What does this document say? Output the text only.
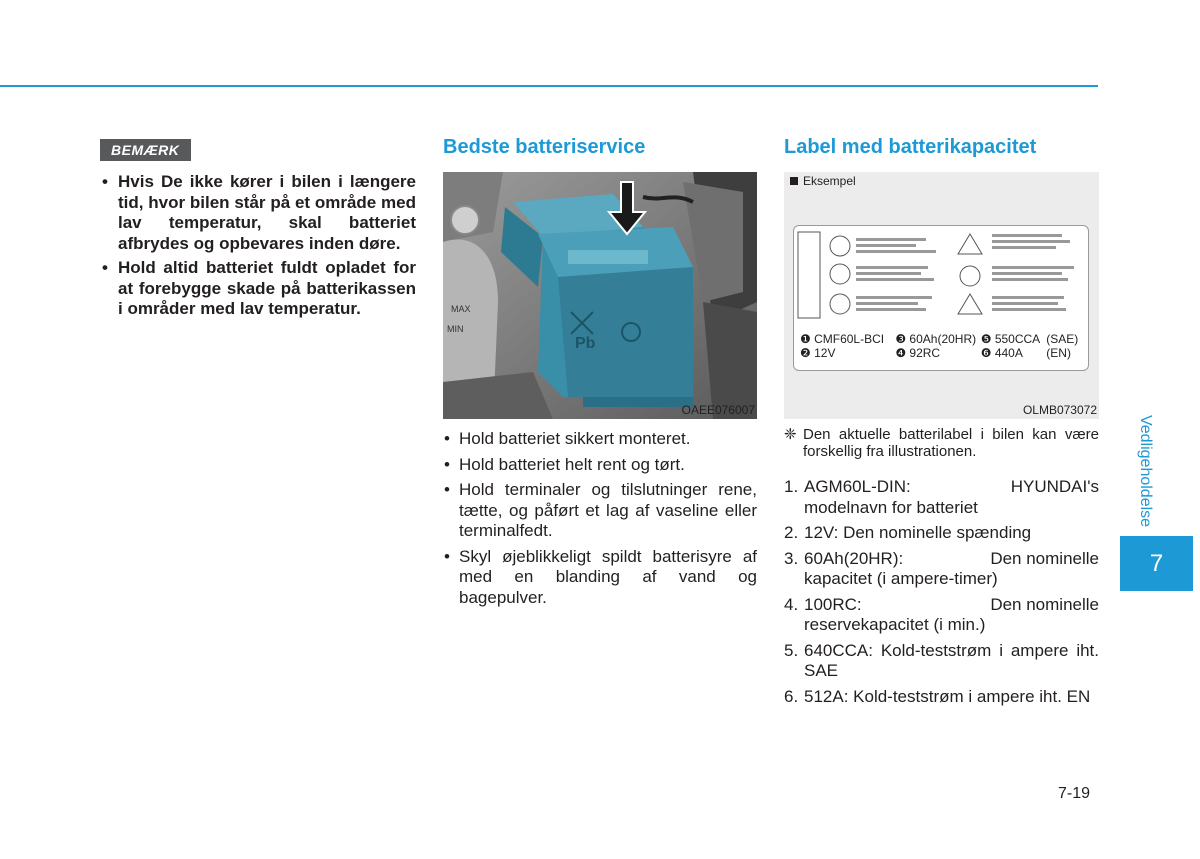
BEMÆRK
• Hvis De ikke kører i bilen i længere tid, hvor bilen står på et område med lav temperatur, skal batteriet afbrydes og opbevares inden døre.
• Hold altid batteriet fuldt opladet for at forebygge skade på batterikassen i områder med lav temperatur.
Bedste batteriservice
MAX
MIN
Pb
OAEE076007
• Hold batteriet sikkert monteret.
• Hold batteriet helt rent og tørt.
• Hold terminaler og tilslutninger rene, tætte, og påført et lag af vaseline eller terminalfedt.
• Skyl øjeblikkeligt spildt batterisyre af med en blanding af vand og bagepulver.
Label med batterikapacitet
Eksempel
❶ CMF60L-BCI ❸ 60Ah(20HR) ❺ 550CCA (SAE)
❷ 12V	❹ 92RC	❻ 440A	(EN)
OLMB073072
❈ Den aktuelle batterilabel i bilen kan være forskellig fra illustrationen.

1. AGM60L-DIN:	HYUNDAI's
modelnavn for batteriet
2. 12V: Den nominelle spænding
3. 60Ah(20HR):	Den nominelle
kapacitet (i ampere-timer)
4. 100RC:	Den nominelle
reservekapacitet (i min.)
5. 640CCA: Kold-teststrøm i ampere iht. SAE
6. 512A: Kold-teststrøm i ampere iht. EN
Vedligeholdelse
7
7-19
